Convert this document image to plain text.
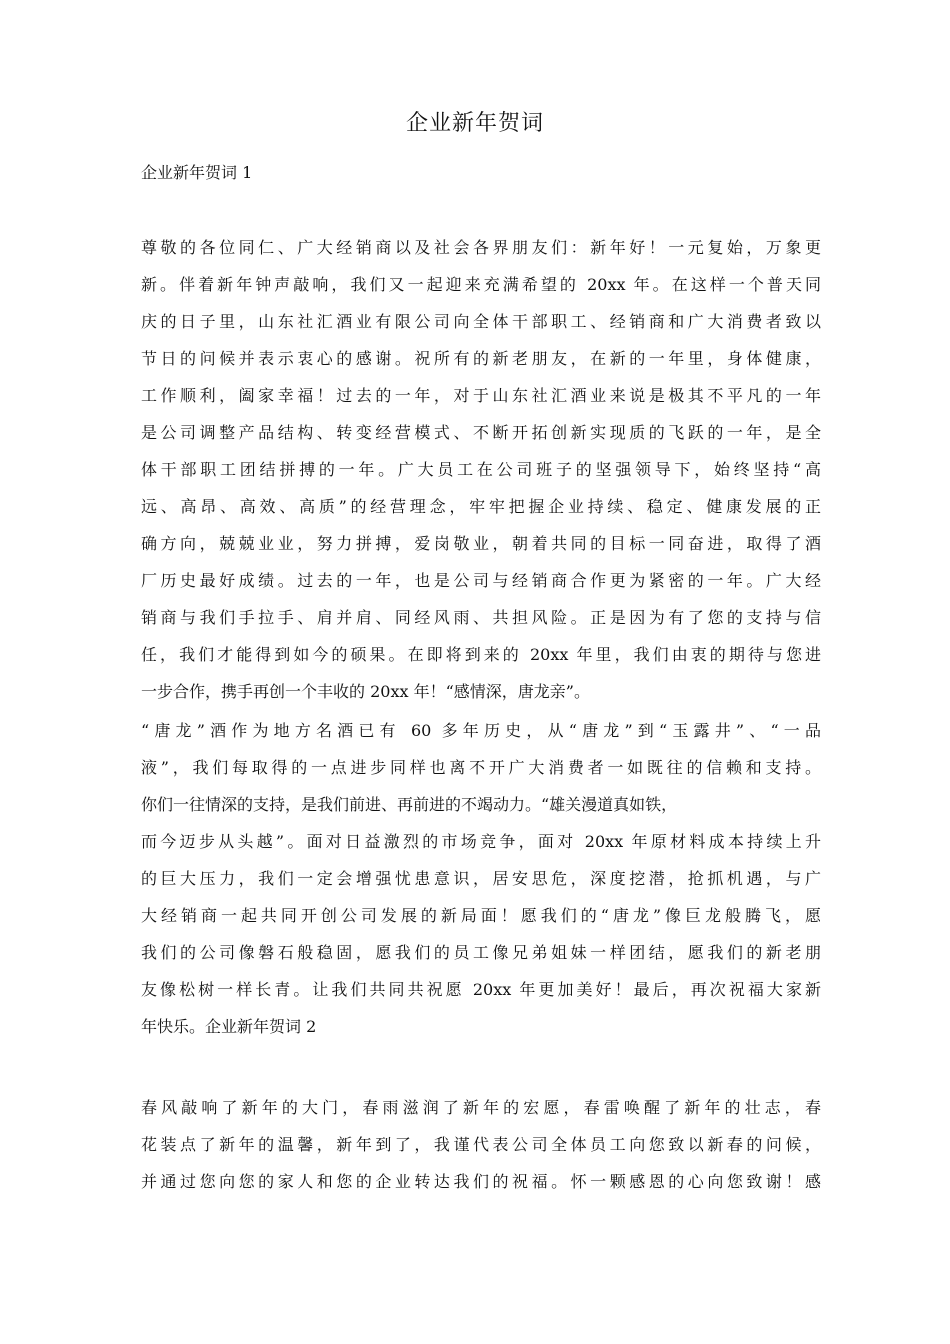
企业新年贺词
企业新年贺词 1
尊敬的各位同仁、广大经销商以及社会各界朋友们：新年好！一元复始，万象更
新。伴着新年钟声敲响，我们又一起迎来充满希望的 20xx 年。在这样一个普天同
庆的日子里，山东社汇酒业有限公司向全体干部职工、经销商和广大消费者致以
节日的问候并表示衷心的感谢。祝所有的新老朋友，在新的一年里，身体健康，
工作顺利，阖家幸福！过去的一年，对于山东社汇酒业来说是极其不平凡的一年
是公司调整产品结构、转变经营模式、不断开拓创新实现质的飞跃的一年，是全
体干部职工团结拼搏的一年。广大员工在公司班子的坚强领导下，始终坚持“高
远、高昂、高效、高质”的经营理念，牢牢把握企业持续、稳定、健康发展的正
确方向，兢兢业业，努力拼搏，爱岗敬业，朝着共同的目标一同奋进，取得了酒
厂历史最好成绩。过去的一年，也是公司与经销商合作更为紧密的一年。广大经
销商与我们手拉手、肩并肩、同经风雨、共担风险。正是因为有了您的支持与信
任，我们才能得到如今的硕果。在即将到来的 20xx 年里，我们由衷的期待与您进
一步合作，携手再创一个丰收的 20xx 年！“感情深，唐龙亲”。
“唐龙”酒作为地方名酒已有 60 多年历史，从“唐龙”到“玉露井”、“一品
液”，我们每取得的一点进步同样也离不开广大消费者一如既往的信赖和支持。
你们一往情深的支持，是我们前进、再前进的不竭动力。“雄关漫道真如铁，
而今迈步从头越”。面对日益激烈的市场竞争，面对 20xx 年原材料成本持续上升
的巨大压力，我们一定会增强忧患意识，居安思危，深度挖潜，抢抓机遇，与广
大经销商一起共同开创公司发展的新局面！愿我们的“唐龙”像巨龙般腾飞，愿
我们的公司像磐石般稳固，愿我们的员工像兄弟姐妹一样团结，愿我们的新老朋
友像松树一样长青。让我们共同共祝愿 20xx 年更加美好！最后，再次祝福大家新
年快乐。企业新年贺词 2
春风敲响了新年的大门，春雨滋润了新年的宏愿，春雷唤醒了新年的壮志，春
花装点了新年的温馨，新年到了，我谨代表公司全体员工向您致以新春的问候，
并通过您向您的家人和您的企业转达我们的祝福。怀一颗感恩的心向您致谢！感
